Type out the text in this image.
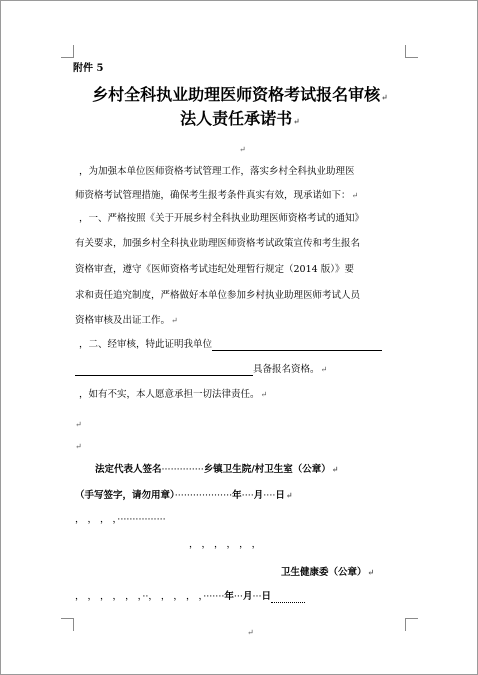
附件 5
乡村全科执业助理医师资格考试报名审核↵
法人责任承诺书↵
↵
，为加强本单位医师资格考试管理工作，落实乡村全科执业助理医
师资格考试管理措施，确保考生报考条件真实有效，现承诺如下：↵
，一、严格按照《关于开展乡村全科执业助理医师资格考试的通知》
有关要求，加强乡村全科执业助理医师资格考试政策宣传和考生报名
资格审查，遵守《医师资格考试违纪处理暂行规定（2014 版）》要
求和责任追究制度，严格做好本单位参加乡村执业助理医师考试人员
资格审核及出证工作。↵
，二、经审核，特此证明我单位
具备报名资格。↵
，如有不实，本人愿意承担一切法律责任。↵
↵
↵
法定代表人签名··············乡镇卫生院/村卫生室（公章）↵
（手写签字，请勿用章）···················年····月····日↵
， ， ， ，················
， ， ， ， ， ，
卫生健康委（公章）↵
， ， ， ， ， ，··， ， ， ， ，·······年···月···日
↵
